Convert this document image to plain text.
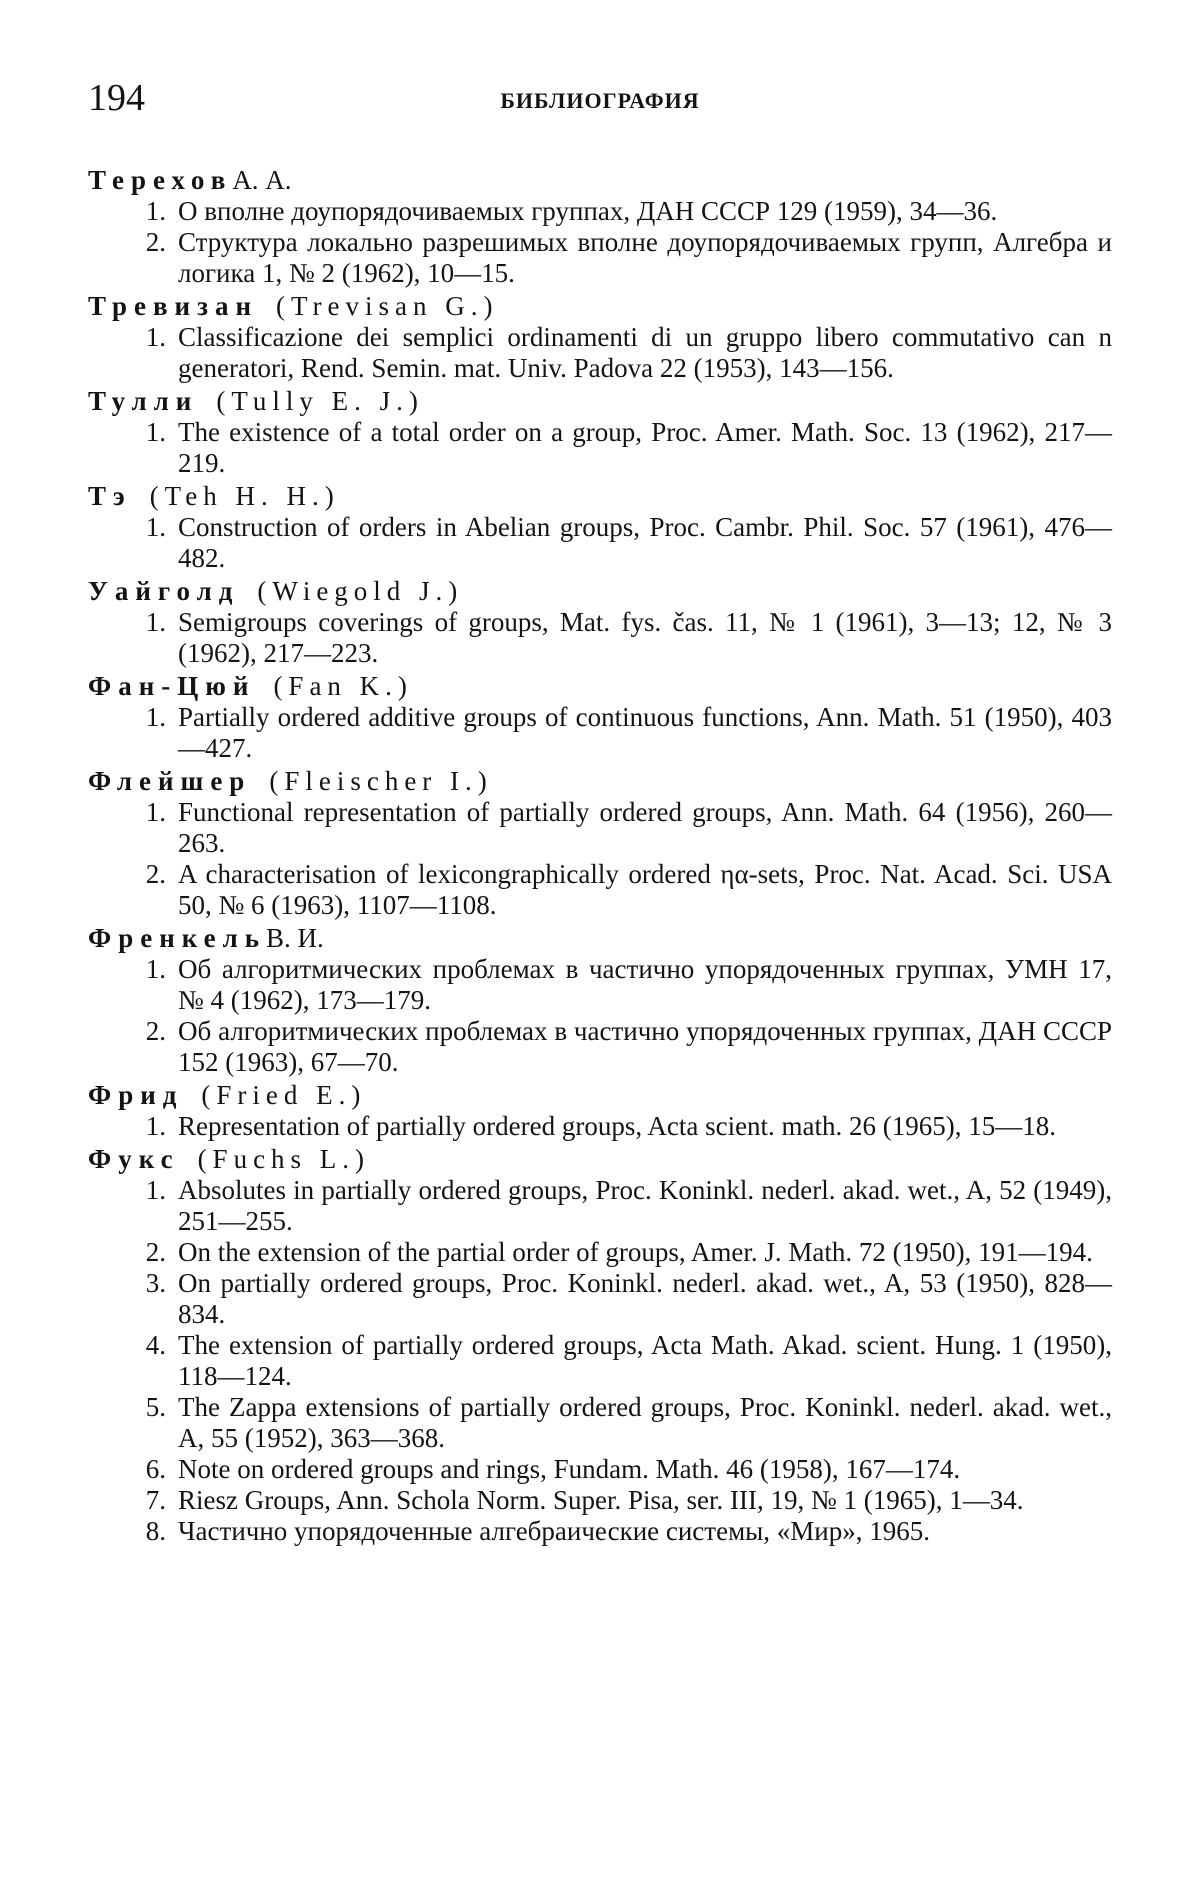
194	БИБЛИОГРАФИЯ
ТереховА. А.
1. О вполне доупорядочиваемых группах, ДАН СССР 129 (1959), 34—36.
2. Структура локально разрешимых вполне доупорядочиваемых групп, Алгебра и логика 1, № 2 (1962), 10—15.
Тревизан (Trevisan G.)
1. Classificazione dei semplici ordinamenti di un gruppo libero commutativo can n generatori, Rend. Semin. mat. Univ. Padova 22 (1953), 143—156.
Тулли (Tully E. J.)
1. The existence of a total order on a group, Proc. Amer. Math. Soc. 13 (1962), 217—219.
Тэ (Teh H. H.)
1. Construction of orders in Abelian groups, Proc. Cambr. Phil. Soc. 57 (1961), 476—482.
Уайголд (Wiegold J.)
1. Semigroups coverings of groups, Mat. fys. čas. 11, № 1 (1961), 3—13; 12, № 3 (1962), 217—223.
Фан-Цюй (Fan K.)
1. Partially ordered additive groups of continuous functions, Ann. Math. 51 (1950), 403—427.
Флейшер (Fleischer I.)
1. Functional representation of partially ordered groups, Ann. Math. 64 (1956), 260—263.
2. A characterisation of lexicongraphically ordered ηα-sets, Proc. Nat. Acad. Sci. USA 50, № 6 (1963), 1107—1108.
ФренкельВ. И.
1. Об алгоритмических проблемах в частично упорядоченных группах, УМН 17, № 4 (1962), 173—179.
2. Об алгоритмических проблемах в частично упорядоченных группах, ДАН СССР 152 (1963), 67—70.
Фрид (Fried E.)
1. Representation of partially ordered groups, Acta scient. math. 26 (1965), 15—18.
Фукс (Fuchs L.)
1. Absolutes in partially ordered groups, Proc. Koninkl. nederl. akad. wet., A, 52 (1949), 251—255.
2. On the extension of the partial order of groups, Amer. J. Math. 72 (1950), 191—194.
3. On partially ordered groups, Proc. Koninkl. nederl. akad. wet., A, 53 (1950), 828—834.
4. The extension of partially ordered groups, Acta Math. Akad. scient. Hung. 1 (1950), 118—124.
5. The Zappa extensions of partially ordered groups, Proc. Koninkl. nederl. akad. wet., A, 55 (1952), 363—368.
6. Note on ordered groups and rings, Fundam. Math. 46 (1958), 167—174.
7. Riesz Groups, Ann. Schola Norm. Super. Pisa, ser. III, 19, № 1 (1965), 1—34.
8. Частично упорядоченные алгебраические системы, «Мир», 1965.
